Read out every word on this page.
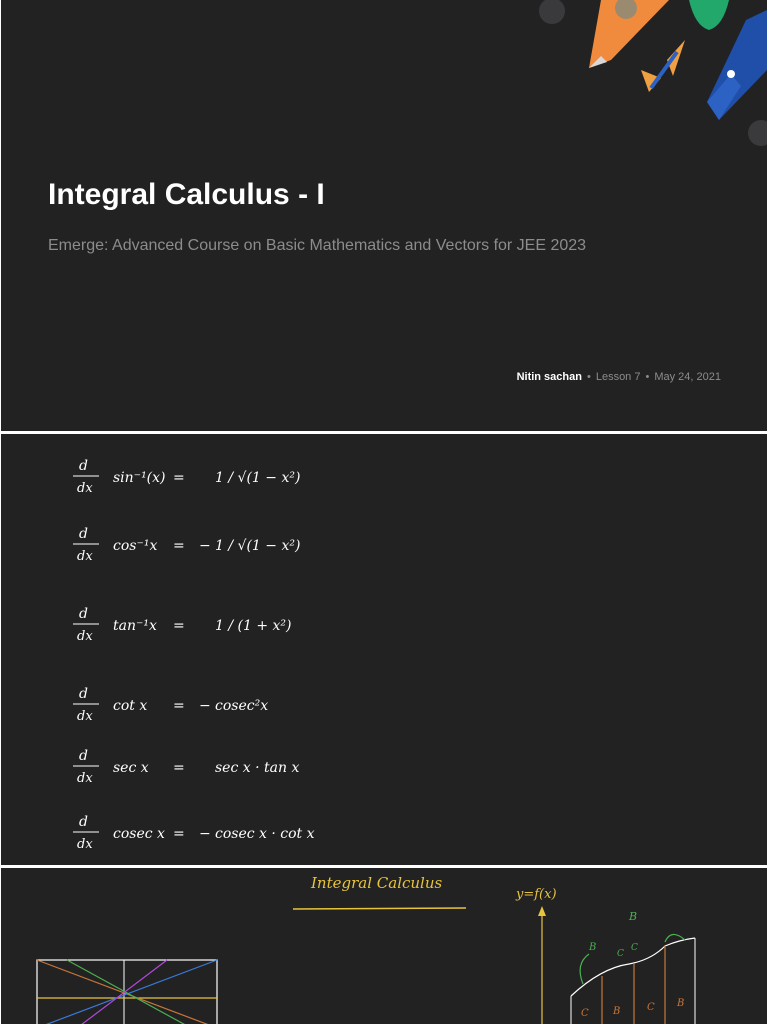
Integral Calculus - I
Emerge: Advanced Course on Basic Mathematics and Vectors for JEE 2023
Nitin sachan • Lesson 7 • May 24, 2021
d
dx
sin⁻¹(x) = 1 / √(1 − x²)
d
dx
cos⁻¹x = − 1 / √(1 − x²)
d
dx
tan⁻¹x = 1 / (1 + x²)
d
dx
cot x = − cosec²x
d
dx
sec x = sec x · tan x
d
dx
cosec x = − cosec x · cot x
Integral Calculus
y=f(x)
C B	C B
B
C
C
B
